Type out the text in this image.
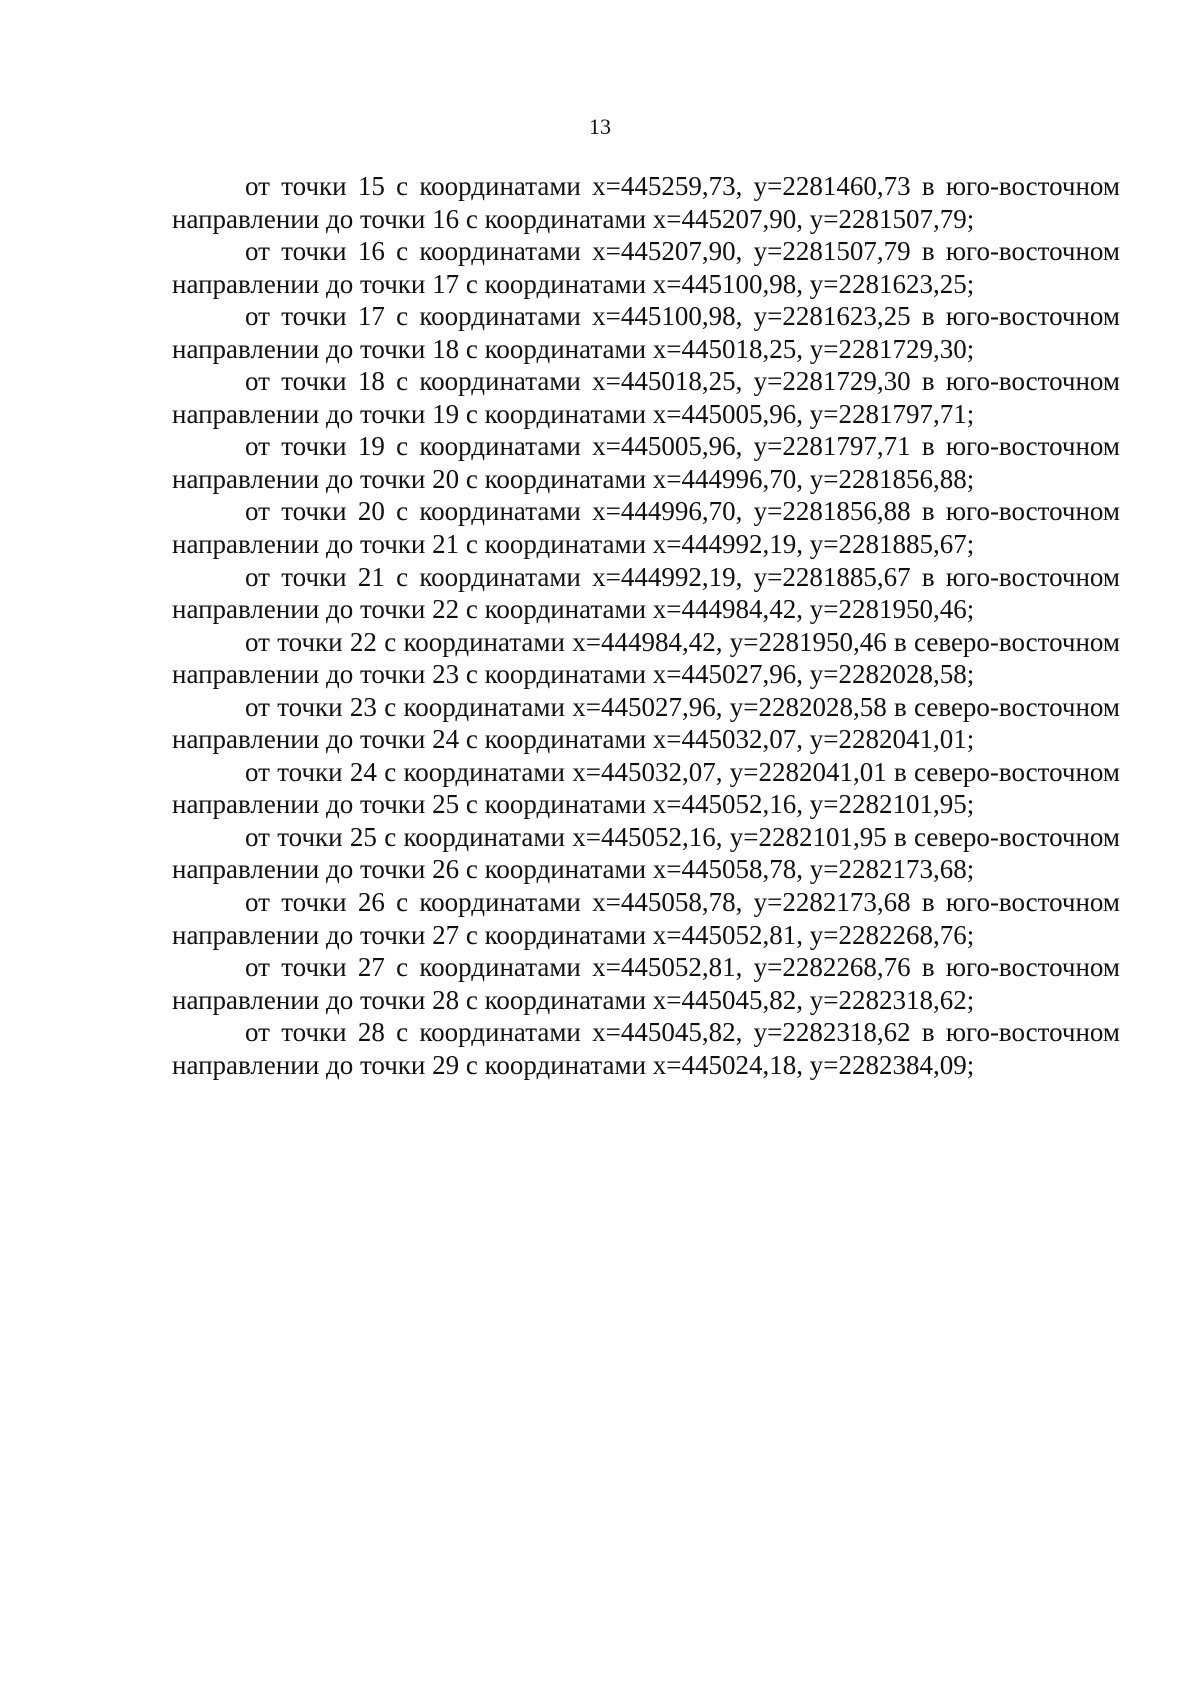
13

от точки 15 с координатами х=445259,73, у=2281460,73 в юго-восточном направлении до точки 16 с координатами х=445207,90, у=2281507,79;

от точки 16 с координатами х=445207,90, у=2281507,79 в юго-восточном направлении до точки 17 с координатами х=445100,98, у=2281623,25;

от точки 17 с координатами х=445100,98, у=2281623,25 в юго-восточном направлении до точки 18 с координатами х=445018,25, у=2281729,30;

от точки 18 с координатами х=445018,25, у=2281729,30 в юго-восточном направлении до точки 19 с координатами х=445005,96, у=2281797,71;

от точки 19 с координатами х=445005,96, у=2281797,71 в юго-восточном направлении до точки 20 с координатами х=444996,70, у=2281856,88;

от точки 20 с координатами х=444996,70, у=2281856,88 в юго-восточном направлении до точки 21 с координатами х=444992,19, у=2281885,67;

от точки 21 с координатами х=444992,19, у=2281885,67 в юго-восточном направлении до точки 22 с координатами х=444984,42, у=2281950,46;

от точки 22 с координатами х=444984,42, у=2281950,46 в северо-восточном направлении до точки 23 с координатами х=445027,96, у=2282028,58;

от точки 23 с координатами х=445027,96, у=2282028,58 в северо-восточном направлении до точки 24 с координатами х=445032,07, у=2282041,01;

от точки 24 с координатами х=445032,07, у=2282041,01 в северо-восточном направлении до точки 25 с координатами х=445052,16, у=2282101,95;

от точки 25 с координатами х=445052,16, у=2282101,95 в северо-восточном направлении до точки 26 с координатами х=445058,78, у=2282173,68;

от точки 26 с координатами х=445058,78, у=2282173,68 в юго-восточном направлении до точки 27 с координатами х=445052,81, у=2282268,76;

от точки 27 с координатами х=445052,81, у=2282268,76 в юго-восточном направлении до точки 28 с координатами х=445045,82, у=2282318,62;

от точки 28 с координатами х=445045,82, у=2282318,62 в юго-восточном направлении до точки 29 с координатами х=445024,18, у=2282384,09;
